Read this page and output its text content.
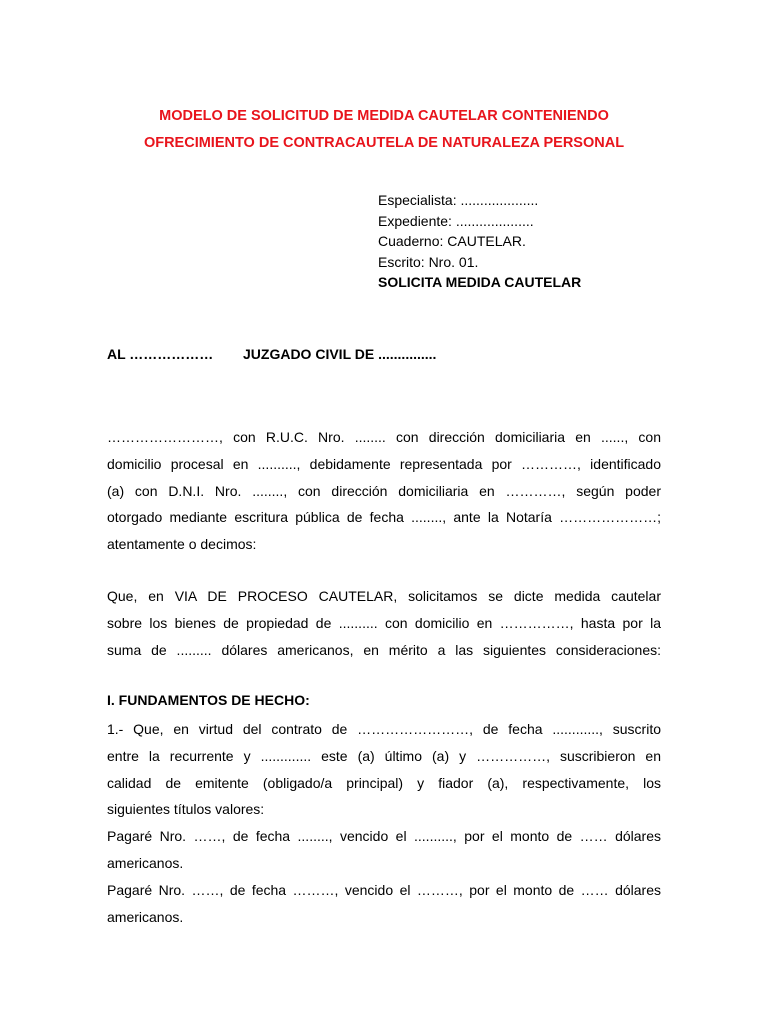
MODELO DE SOLICITUD DE MEDIDA CAUTELAR CONTENIENDO
OFRECIMIENTO DE CONTRACAUTELA DE NATURALEZA PERSONAL
Especialista: ....................
Expediente: ....................
Cuaderno: CAUTELAR.
Escrito: Nro. 01.
SOLICITA MEDIDA CAUTELAR
AL ……………… JUZGADO CIVIL DE ...............
……………………, con R.U.C. Nro. ........ con dirección domiciliaria en ......, con
domicilio procesal en .........., debidamente representada por …………, identificado
(a) con D.N.I. Nro. ........, con dirección domiciliaria en …………, según poder
otorgado mediante escritura pública de fecha ........, ante la Notaría …………………;
atentamente o decimos:
Que, en VIA DE PROCESO CAUTELAR, solicitamos se dicte medida cautelar
sobre los bienes de propiedad de .......... con domicilio en ……………, hasta por la
suma de ......... dólares americanos, en mérito a las siguientes consideraciones:
I. FUNDAMENTOS DE HECHO:
1.- Que, en virtud del contrato de ……………………, de fecha ............, suscrito
entre la recurrente y ............. este (a) último (a) y ……………, suscribieron en
calidad de emitente (obligado/a principal) y fiador (a), respectivamente, los
siguientes títulos valores:
Pagaré Nro. ……, de fecha ........, vencido el .........., por el monto de …… dólares
americanos.
Pagaré Nro. ……, de fecha ………, vencido el ………, por el monto de …… dólares
americanos.
